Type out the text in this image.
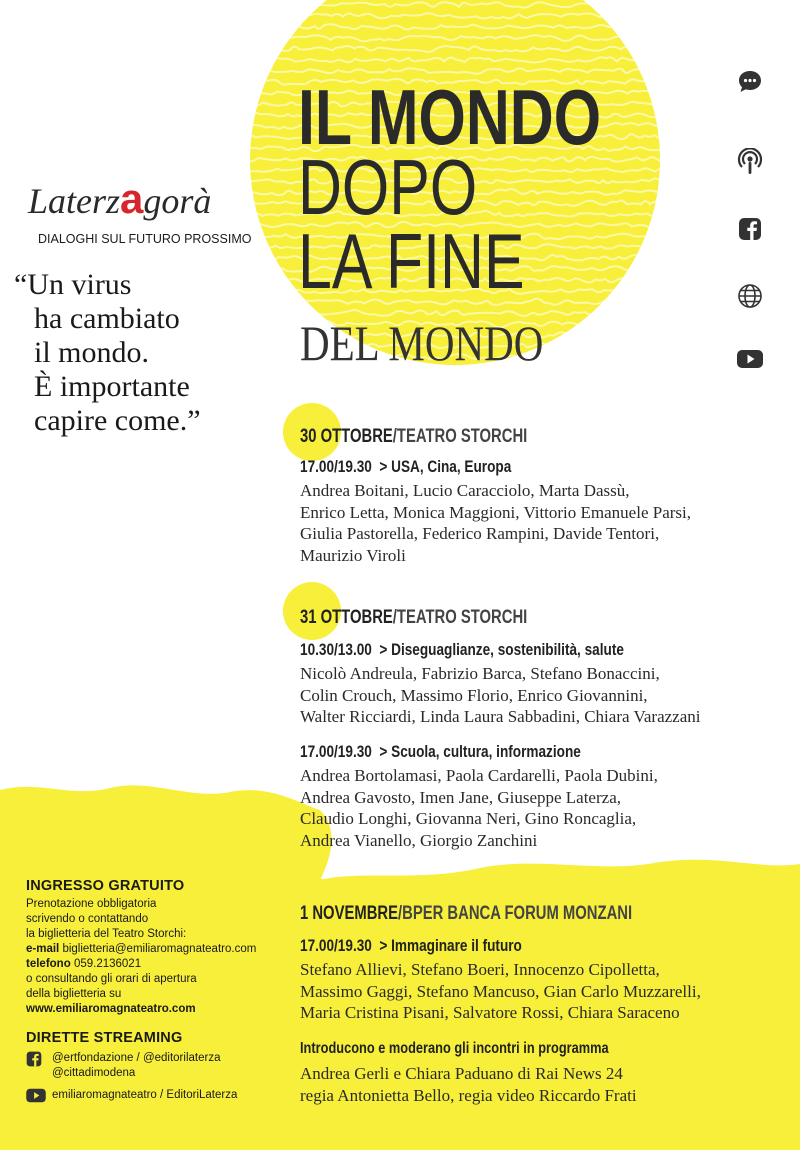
Laterzagorà
DIALOGHI SUL FUTURO PROSSIMO
“Un virus
ha cambiato
il mondo.
È importante
capire come.”
IL MONDO
DOPO
LA FINE
DEL MONDO
30 OTTOBRE/TEATRO STORCHI
17.00/19.30 > USA, Cina, Europa
Andrea Boitani, Lucio Caracciolo, Marta Dassù,
Enrico Letta, Monica Maggioni, Vittorio Emanuele Parsi,
Giulia Pastorella, Federico Rampini, Davide Tentori,
Maurizio Viroli
31 OTTOBRE/TEATRO STORCHI
10.30/13.00 > Diseguaglianze, sostenibilità, salute
Nicolò Andreula, Fabrizio Barca, Stefano Bonaccini,
Colin Crouch, Massimo Florio, Enrico Giovannini,
Walter Ricciardi, Linda Laura Sabbadini, Chiara Varazzani
17.00/19.30 > Scuola, cultura, informazione
Andrea Bortolamasi, Paola Cardarelli, Paola Dubini,
Andrea Gavosto, Imen Jane, Giuseppe Laterza,
Claudio Longhi, Giovanna Neri, Gino Roncaglia,
Andrea Vianello, Giorgio Zanchini
1 NOVEMBRE/BPER BANCA FORUM MONZANI
17.00/19.30 > Immaginare il futuro
Stefano Allievi, Stefano Boeri, Innocenzo Cipolletta,
Massimo Gaggi, Stefano Mancuso, Gian Carlo Muzzarelli,
Maria Cristina Pisani, Salvatore Rossi, Chiara Saraceno
Introducono e moderano gli incontri in programma
Andrea Gerli e Chiara Paduano di Rai News 24
regia Antonietta Bello, regia video Riccardo Frati
INGRESSO GRATUITO
Prenotazione obbligatoria
scrivendo o contattando
la biglietteria del Teatro Storchi:
e-mail biglietteria@emiliaromagnateatro.com
telefono 059.2136021
o consultando gli orari di apertura
della biglietteria su
www.emiliaromagnateatro.com
DIRETTE STREAMING
@ertfondazione / @editorilaterza
@cittadimodena
emiliaromagnateatro / EditoriLaterza
